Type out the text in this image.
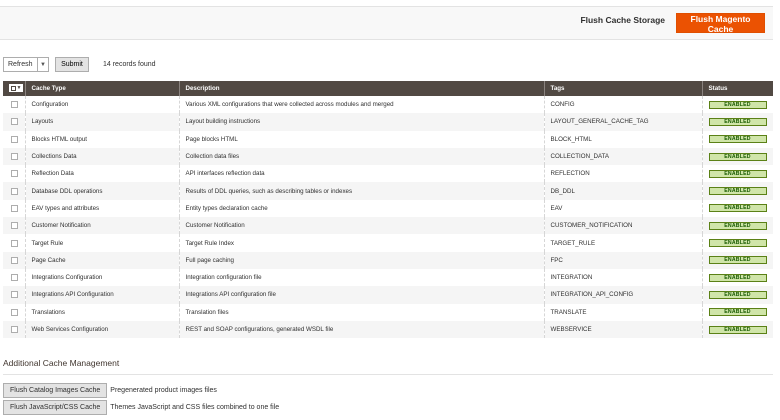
Flush Cache Storage	Flush Magento Cache
Refresh	▼	Submit	14 records found
▼	Cache Type	Description	Tags	Status

	Configuration	Various XML configurations that were collected across modules and merged	CONFIG	ENABLED

	Layouts	Layout building instructions	LAYOUT_GENERAL_CACHE_TAG	ENABLED

	Blocks HTML output	Page blocks HTML	BLOCK_HTML	ENABLED

	Collections Data	Collection data files	COLLECTION_DATA	ENABLED

	Reflection Data	API interfaces reflection data	REFLECTION	ENABLED

	Database DDL operations	Results of DDL queries, such as describing tables or indexes	DB_DDL	ENABLED

	EAV types and attributes	Entity types declaration cache	EAV	ENABLED

	Customer Notification	Customer Notification	CUSTOMER_NOTIFICATION	ENABLED

	Target Rule	Target Rule Index	TARGET_RULE	ENABLED

	Page Cache	Full page caching	FPC	ENABLED

	Integrations Configuration	Integration configuration file	INTEGRATION	ENABLED

	Integrations API Configuration	Integrations API configuration file	INTEGRATION_API_CONFIG	ENABLED

	Translations	Translation files	TRANSLATE	ENABLED

	Web Services Configuration	REST and SOAP configurations, generated WSDL file	WEBSERVICE	ENABLED
Additional Cache Management
Flush Catalog Images Cache	Pregenerated product images files
Flush JavaScript/CSS Cache	Themes JavaScript and CSS files combined to one file
